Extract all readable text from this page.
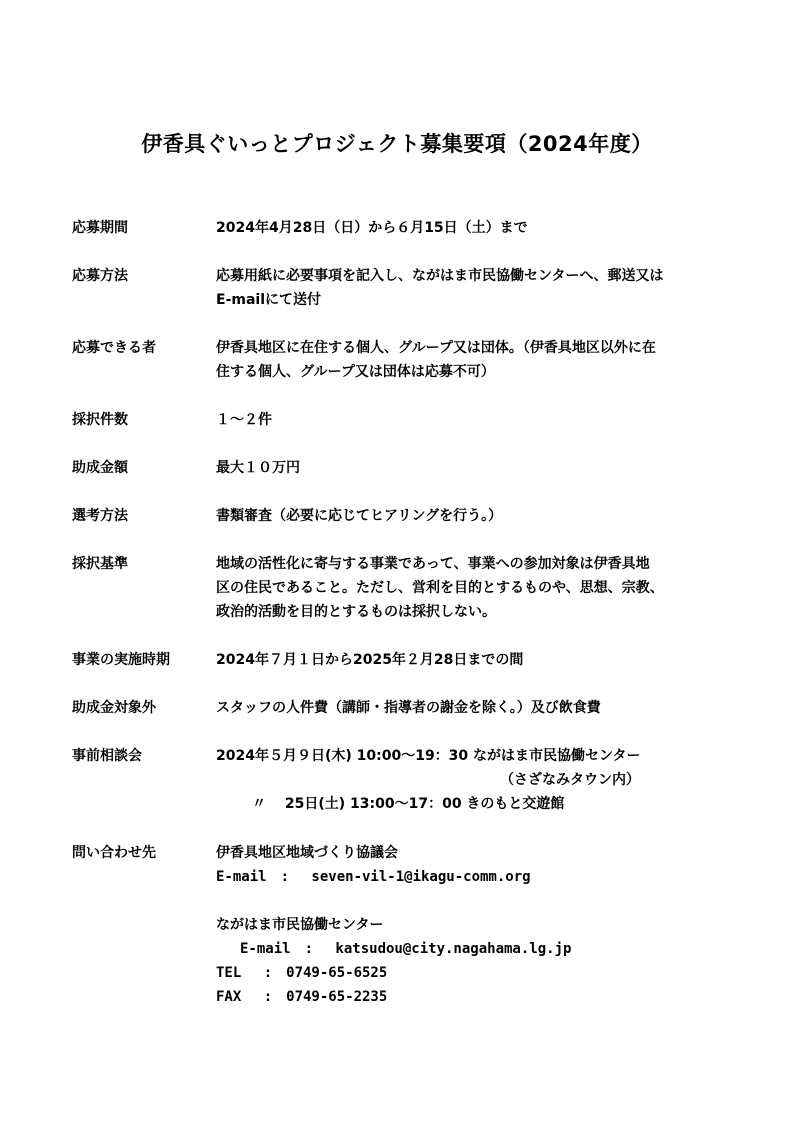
伊香具ぐいっとプロジェクト募集要項（2024年度）
応募期間	2024年4月28日（日）から６月15日（土）まで
応募方法	応募用紙に必要事項を記入し、ながはま市民協働センターへ、郵送又は
E-mailにて送付
応募できる者	伊香具地区に在住する個人、グループ又は団体。（伊香具地区以外に在
住する個人、グループ又は団体は応募不可）
採択件数	１～２件
助成金額	最大１０万円
選考方法	書類審査（必要に応じてヒアリングを行う。）
採択基準	地域の活性化に寄与する事業であって、事業への参加対象は伊香具地
区の住民であること。ただし、営利を目的とするものや、思想、宗教、
政治的活動を目的とするものは採択しない。
事業の実施時期	2024年７月１日から2025年２月28日までの間
助成金対象外	スタッフの人件費（講師・指導者の謝金を除く。）及び飲食費
事前相談会	2024年５月９日(木) 10:00～19：30 ながはま市民協働センター
（さざなみタウン内）
〃　 25日(土) 13:00～17：00 きのもと交遊館
問い合わせ先	伊香具地区地域づくり協議会
E-mail　:　 seven-vil-1@ikagu-comm.org
ながはま市民協働センター
E-mail　:　 katsudou@city.nagahama.lg.jp
TEL　 :　0749-65-6525
FAX　 :　0749-65-2235
